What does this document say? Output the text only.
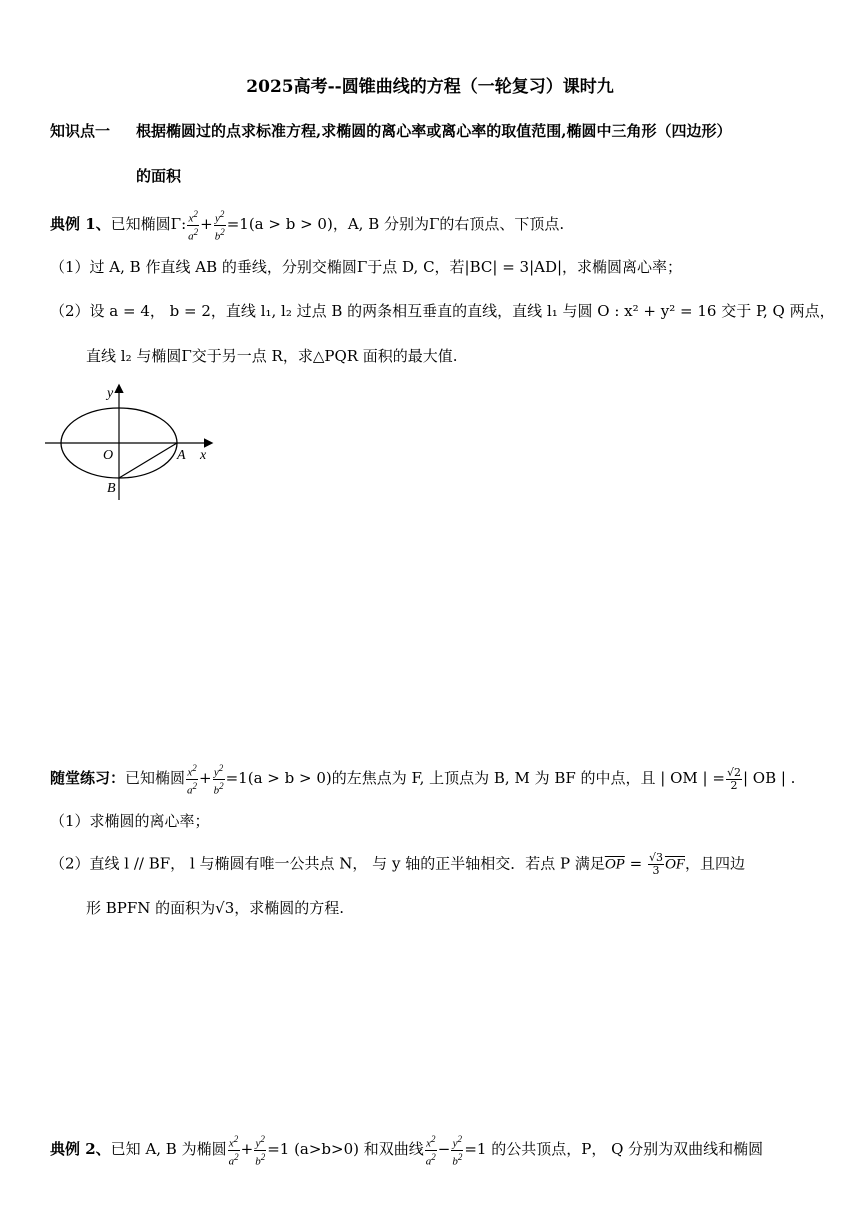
2025高考--圆锥曲线的方程（一轮复习）课时九
知识点一 根据椭圆过的点求标准方程,求椭圆的离心率或离心率的取值范围,椭圆中三角形（四边形）
的面积
典例 1、已知椭圆Γ: $\frac{x^2}{a^2} + \frac{y^2}{b^2} =1(a > b > 0)$，A, B 分别为Γ的右顶点、下顶点.
（1）过 A, B 作直线 AB 的垂线，分别交椭圆Γ于点 D, C，若|BC| = 3|AD|，求椭圆离心率；
（2）设 a = 4， b = 2，直线 l₁, l₂ 过点 B 的两条相互垂直的直线，直线 l₁ 与圆 O : x² + y² = 16 交于 P, Q 两点，
直线 l₂ 与椭圆Γ交于另一点 R，求△PQR 面积的最大值.
y
x
O	A
B
随堂练习：已知椭圆 $\frac{x^2}{a^2} + \frac{y^2}{b^2} =1(a > b > 0)$的左焦点为 F, 上顶点为 B, M 为 BF 的中点，且 | OM | = $\frac{√2}{2}$ | OB | .
（1）求椭圆的离心率；
（2）直线 l // BF， l 与椭圆有唯一公共点 N， 与 y 轴的正半轴相交．若点 P 满足$\overline{OP} = \frac{√3}{3} \overline{OF}$，且四边
形 BPFN 的面积为√3，求椭圆的方程.
典例 2、已知 A, B 为椭圆 $\frac{x^2}{a^2} + \frac{y^2}{b^2} =1$ (a>b>0) 和双曲线 $\frac{x^2}{a^2} - \frac{y^2}{b^2} =1$ 的公共顶点，P， Q 分别为双曲线和椭圆
